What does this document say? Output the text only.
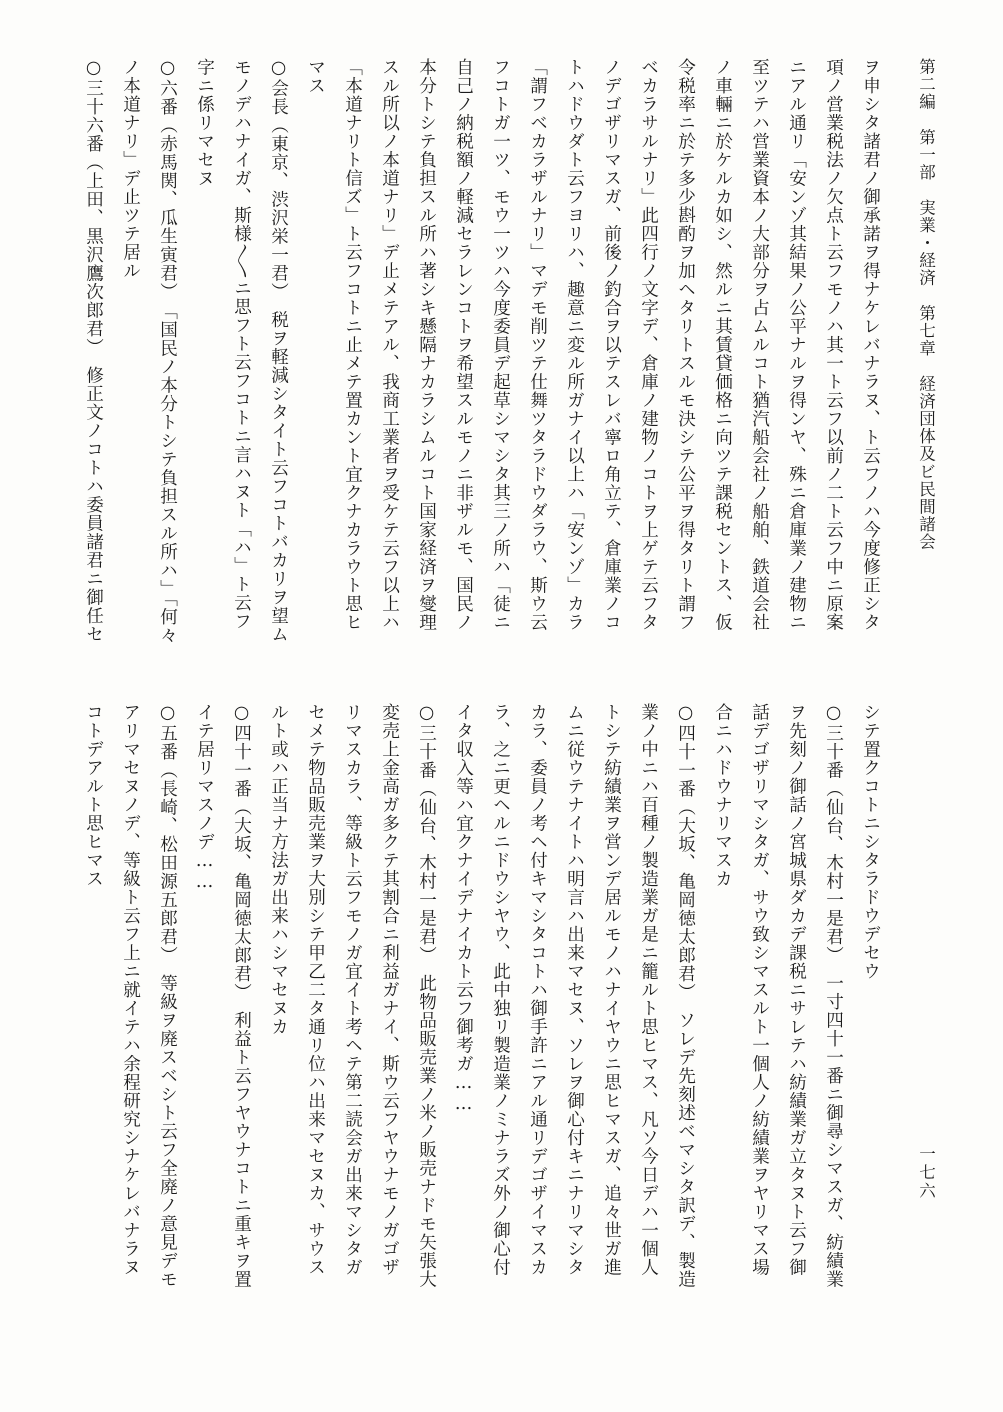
第二編　第一部　実業・経済　第七章　経済団体及ビ民間諸会
一七六
ヲ申シタ諸君ノ御承諾ヲ得ナケレバナラヌ、ト云フノハ今度修正シタ
項ノ営業税法ノ欠点ト云フモノハ其一ト云フ以前ノ二ト云フ中ニ原案
ニアル通リ「安ンゾ其結果ノ公平ナルヲ得ンヤ、殊ニ倉庫業ノ建物ニ
至ツテハ営業資本ノ大部分ヲ占ムルコト猶汽船会社ノ船舶、鉄道会社
ノ車輛ニ於ケルカ如シ、然ルニ其賃貸価格ニ向ツテ課税セントス、仮
令税率ニ於テ多少斟酌ヲ加ヘタリトスルモ決シテ公平ヲ得タリト謂フ
ベカラサルナリ」此四行ノ文字デ、倉庫ノ建物ノコトヲ上ゲテ云フタ
ノデゴザリマスガ、前後ノ釣合ヲ以テスレバ寧ロ角立テ、倉庫業ノコ
トハドウダト云フヨリハ、趣意ニ変ル所ガナイ以上ハ「安ンゾ」カラ
「謂フベカラザルナリ」マデモ削ツテ仕舞ツタラドウダラウ、斯ウ云
フコトガ一ツ、モウ一ツハ今度委員デ起草シマシタ其三ノ所ハ「徒ニ
自己ノ納税額ノ軽減セラレンコトヲ希望スルモノニ非ザルモ、国民ノ
本分トシテ負担スル所ハ著シキ懸隔ナカラシムルコト国家経済ヲ燮理
スル所以ノ本道ナリ」デ止メテアル、我商工業者ヲ受ケテ云フ以上ハ
「本道ナリト信ズ」ト云フコトニ止メテ置カント宜クナカラウト思ヒ
マス
○会長（東京、渋沢栄一君）　税ヲ軽減シタイト云フコトバカリヲ望ム
モノデハナイガ、斯様〳〵ニ思フト云フコトニ言ハヌト「ハ」ト云フ
字ニ係リマセヌ
○六番（赤馬関、瓜生寅君）　「国民ノ本分トシテ負担スル所ハ」「何々
ノ本道ナリ」デ止ツテ居ル
○三十六番（上田、黒沢鷹次郎君）　修正文ノコトハ委員諸君ニ御任セ
シテ置クコトニシタラドウデセウ
○三十番（仙台、木村一是君）　一寸四十一番ニ御尋シマスガ、紡績業
ヲ先刻ノ御話ノ宮城県ダカデ課税ニサレテハ紡績業ガ立タヌト云フ御
話デゴザリマシタガ、サウ致シマスルト一個人ノ紡績業ヲヤリマス場
合ニハドウナリマスカ
○四十一番（大坂、亀岡徳太郎君）　ソレデ先刻述ベマシタ訳デ、製造
業ノ中ニハ百種ノ製造業ガ是ニ籠ルト思ヒマス、凡ソ今日デハ一個人
トシテ紡績業ヲ営ンデ居ルモノハナイヤウニ思ヒマスガ、追々世ガ進
ムニ従ウテナイトハ明言ハ出来マセヌ、ソレヲ御心付キニナリマシタ
カラ、委員ノ考ヘ付キマシタコトハ御手許ニアル通リデゴザイマスカ
ラ、之ニ更ヘルニドウシヤウ、此中独リ製造業ノミナラズ外ノ御心付
イタ収入等ハ宜クナイデナイカト云フ御考ガ……
○三十番（仙台、木村一是君）　此物品販売業ノ米ノ販売ナドモ矢張大
変売上金高ガ多クテ其割合ニ利益ガナイ、斯ウ云フヤウナモノガゴザ
リマスカラ、等級ト云フモノガ宜イト考ヘテ第二読会ガ出来マシタガ
セメテ物品販売業ヲ大別シテ甲乙二タ通リ位ハ出来マセヌカ、サウス
ルト或ハ正当ナ方法ガ出来ハシマセヌカ
○四十一番（大坂、亀岡徳太郎君）　利益ト云フヤウナコトニ重キヲ置
イテ居リマスノデ……
○五番（長崎、松田源五郎君）　等級ヲ廃スベシト云フ全廃ノ意見デモ
アリマセヌノデ、等級ト云フ上ニ就イテハ余程研究シナケレバナラヌ
コトデアルト思ヒマス
